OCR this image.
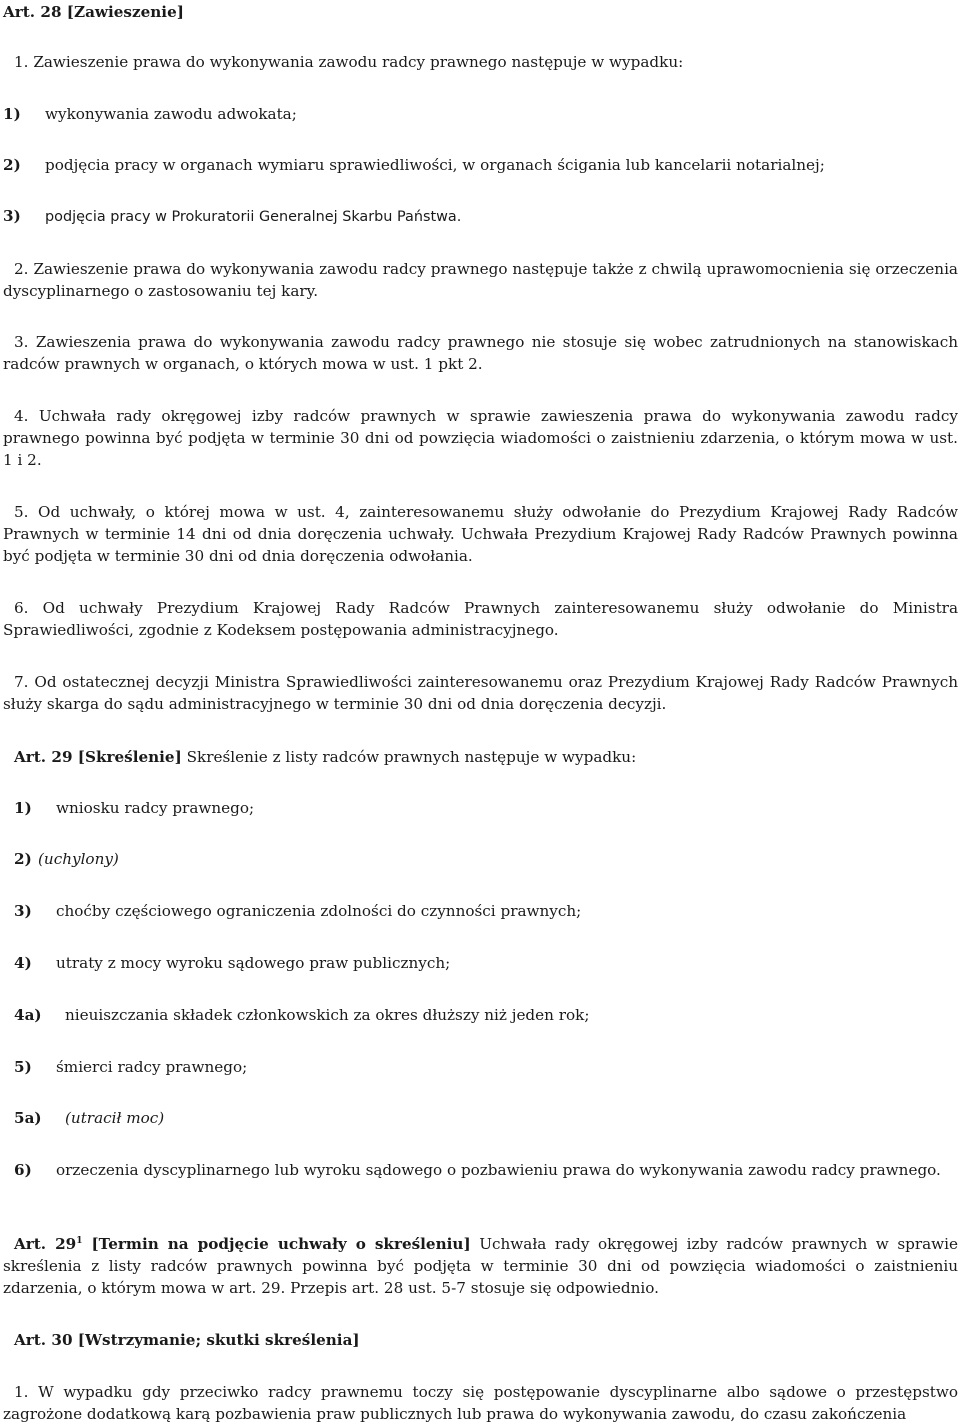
Art. 28 [Zawieszenie]

1. Zawieszenie prawa do wykonywania zawodu radcy prawnego następuje w wypadku:

1) wykonywania zawodu adwokata;

2) podjęcia pracy w organach wymiaru sprawiedliwości, w organach ścigania lub kancelarii notarialnej;

3) podjęcia pracy w Prokuratorii Generalnej Skarbu Państwa.

2. Zawieszenie prawa do wykonywania zawodu radcy prawnego następuje także z chwilą uprawomocnienia się orzeczenia dyscyplinarnego o zastosowaniu tej kary.

3. Zawieszenia prawa do wykonywania zawodu radcy prawnego nie stosuje się wobec zatrudnionych na stanowiskach radców prawnych w organach, o których mowa w ust. 1 pkt 2.

4. Uchwała rady okręgowej izby radców prawnych w sprawie zawieszenia prawa do wykonywania zawodu radcy prawnego powinna być podjęta w terminie 30 dni od powzięcia wiadomości o zaistnieniu zdarzenia, o którym mowa w ust. 1 i 2.

5. Od uchwały, o której mowa w ust. 4, zainteresowanemu służy odwołanie do Prezydium Krajowej Rady Radców Prawnych w terminie 14 dni od dnia doręczenia uchwały. Uchwała Prezydium Krajowej Rady Radców Prawnych powinna być podjęta w terminie 30 dni od dnia doręczenia odwołania.

6. Od uchwały Prezydium Krajowej Rady Radców Prawnych zainteresowanemu służy odwołanie do Ministra Sprawiedliwości, zgodnie z Kodeksem postępowania administracyjnego.

7. Od ostatecznej decyzji Ministra Sprawiedliwości zainteresowanemu oraz Prezydium Krajowej Rady Radców Prawnych służy skarga do sądu administracyjnego w terminie 30 dni od dnia doręczenia decyzji.

Art. 29 [Skreślenie] Skreślenie z listy radców prawnych następuje w wypadku:

1) wniosku radcy prawnego;

2) (uchylony)

3) choćby częściowego ograniczenia zdolności do czynności prawnych;

4) utraty z mocy wyroku sądowego praw publicznych;

4a) nieuiszczania składek członkowskich za okres dłuższy niż jeden rok;

5) śmierci radcy prawnego;

5a) (utracił moc)

6) orzeczenia dyscyplinarnego lub wyroku sądowego o pozbawieniu prawa do wykonywania zawodu radcy prawnego.

Art. $29^1$ [Termin na podjęcie uchwały o skreśleniu] Uchwała rady okręgowej izby radców prawnych w sprawie skreślenia z listy radców prawnych powinna być podjęta w terminie 30 dni od powzięcia wiadomości o zaistnieniu zdarzenia, o którym mowa w art. 29. Przepis art. 28 ust. 5-7 stosuje się odpowiednio.

Art. 30 [Wstrzymanie; skutki skreślenia]

1. W wypadku gdy przeciwko radcy prawnemu toczy się postępowanie dyscyplinarne albo sądowe o przestępstwo zagrożone dodatkową karą pozbawienia praw publicznych lub prawa do wykonywania zawodu, do czasu zakończenia
